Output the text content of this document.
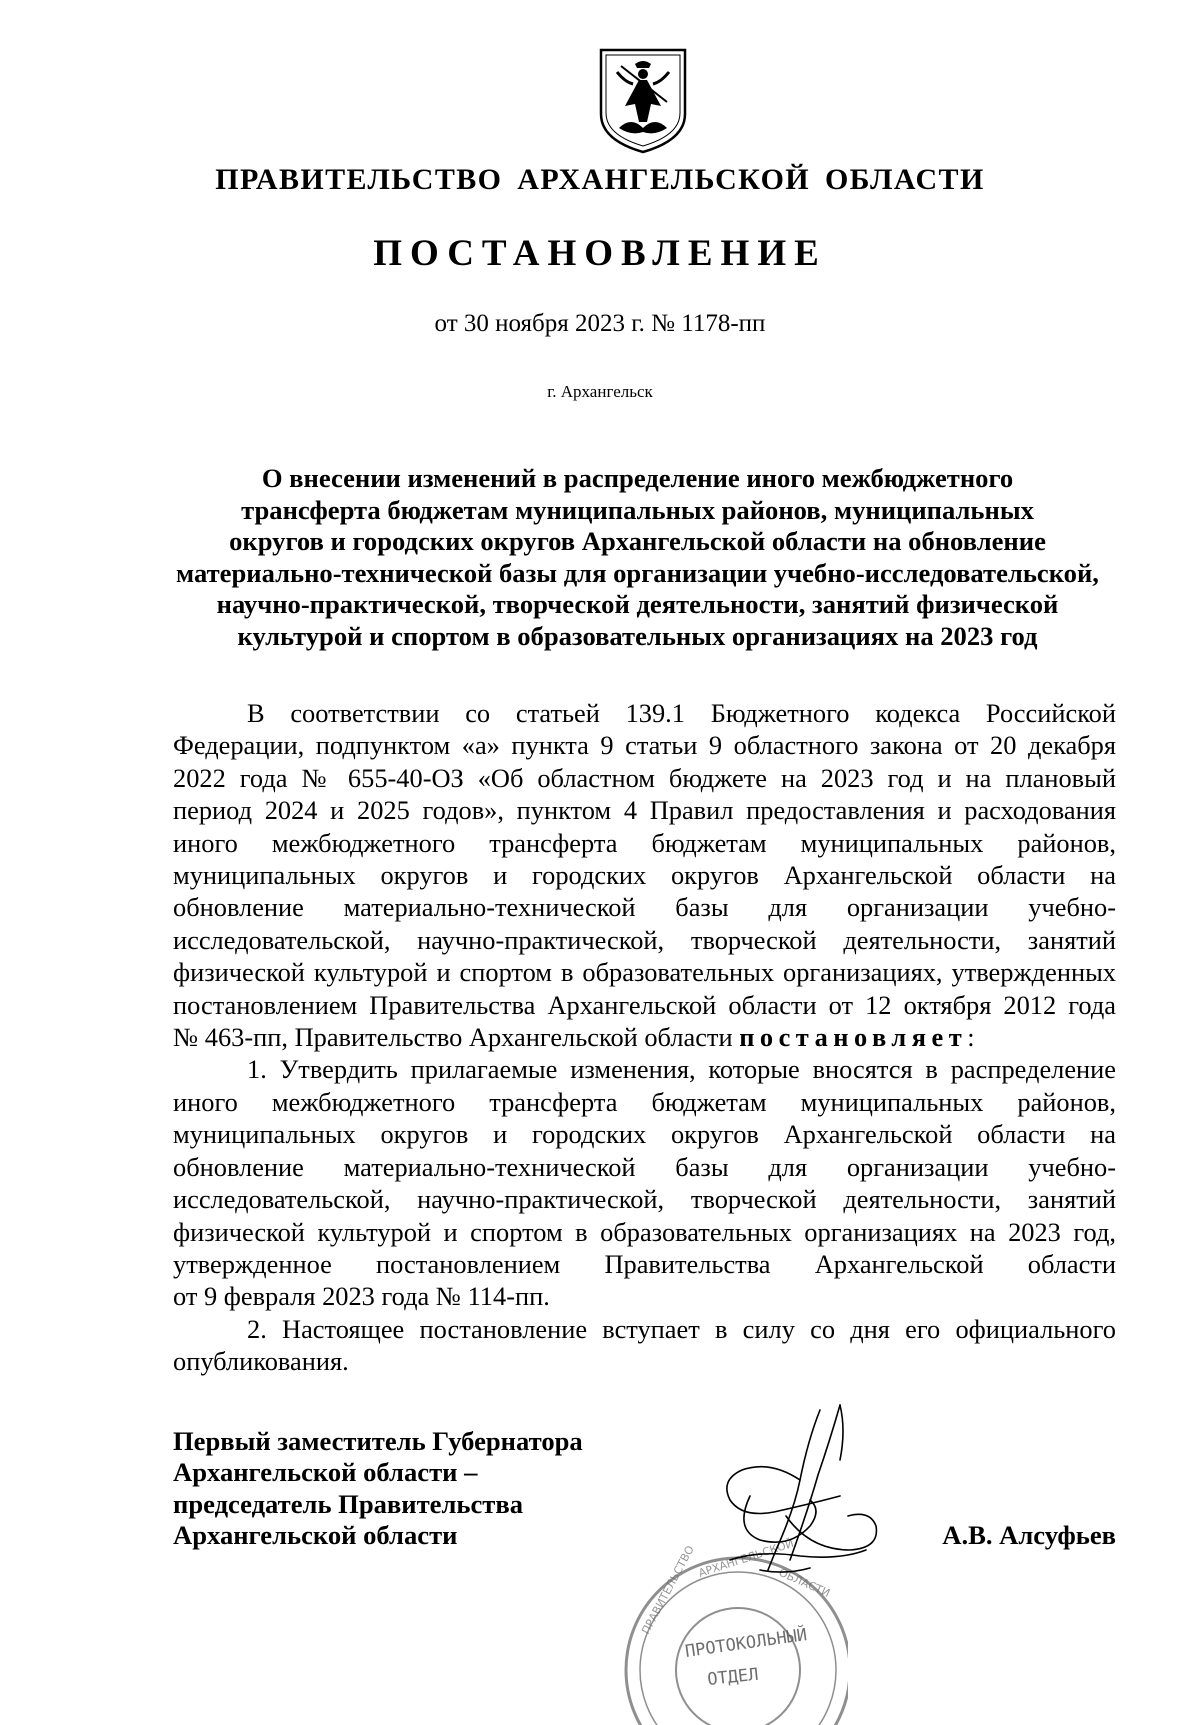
ПРАВИТЕЛЬСТВО АРХАНГЕЛЬСКОЙ ОБЛАСТИ
ПОСТАНОВЛЕНИЕ
от 30 ноября 2023 г. № 1178-пп
г. Архангельск
О внесении изменений в распределение иного межбюджетного
трансферта бюджетам муниципальных районов, муниципальных
округов и городских округов Архангельской области на обновление
материально-технической базы для организации учебно-исследовательской,
научно-практической, творческой деятельности, занятий физической
культурой и спортом в образовательных организациях на 2023 год

В соответствии со статьей 139.1 Бюджетного кодекса Российской
Федерации, подпунктом «а» пункта 9 статьи 9 областного закона от 20 декабря
2022 года № 655-40-ОЗ «Об областном бюджете на 2023 год и на плановый
период 2024 и 2025 годов», пунктом 4 Правил предоставления и расходования
иного межбюджетного трансферта бюджетам муниципальных районов,
муниципальных округов и городских округов Архангельской области на
обновление материально-технической базы для организации учебно-
исследовательской, научно-практической, творческой деятельности, занятий
физической культурой и спортом в образовательных организациях, утвержденных
постановлением Правительства Архангельской области от 12 октября 2012 года
№ 463-пп, Правительство Архангельской области постановляет:

1. Утвердить прилагаемые изменения, которые вносятся в распределение
иного межбюджетного трансферта бюджетам муниципальных районов,
муниципальных округов и городских округов Архангельской области на
обновление материально-технической базы для организации учебно-
исследовательской, научно-практической, творческой деятельности, занятий
физической культурой и спортом в образовательных организациях на 2023 год,
утвержденное постановлением Правительства Архангельской области
от 9 февраля 2023 года № 114-пп.

2. Настоящее постановление вступает в силу со дня его официального
опубликования.

Первый заместитель Губернатора
Архангельской области –
председатель Правительства
Архангельской области	А.В. Алсуфьев
ПРАВИТЕЛЬСТВО АРХАНГЕЛЬСКОЙ
ОБЛАСТИ
ПРОТОКОЛЬНЫЙ
ОТДЕЛ
